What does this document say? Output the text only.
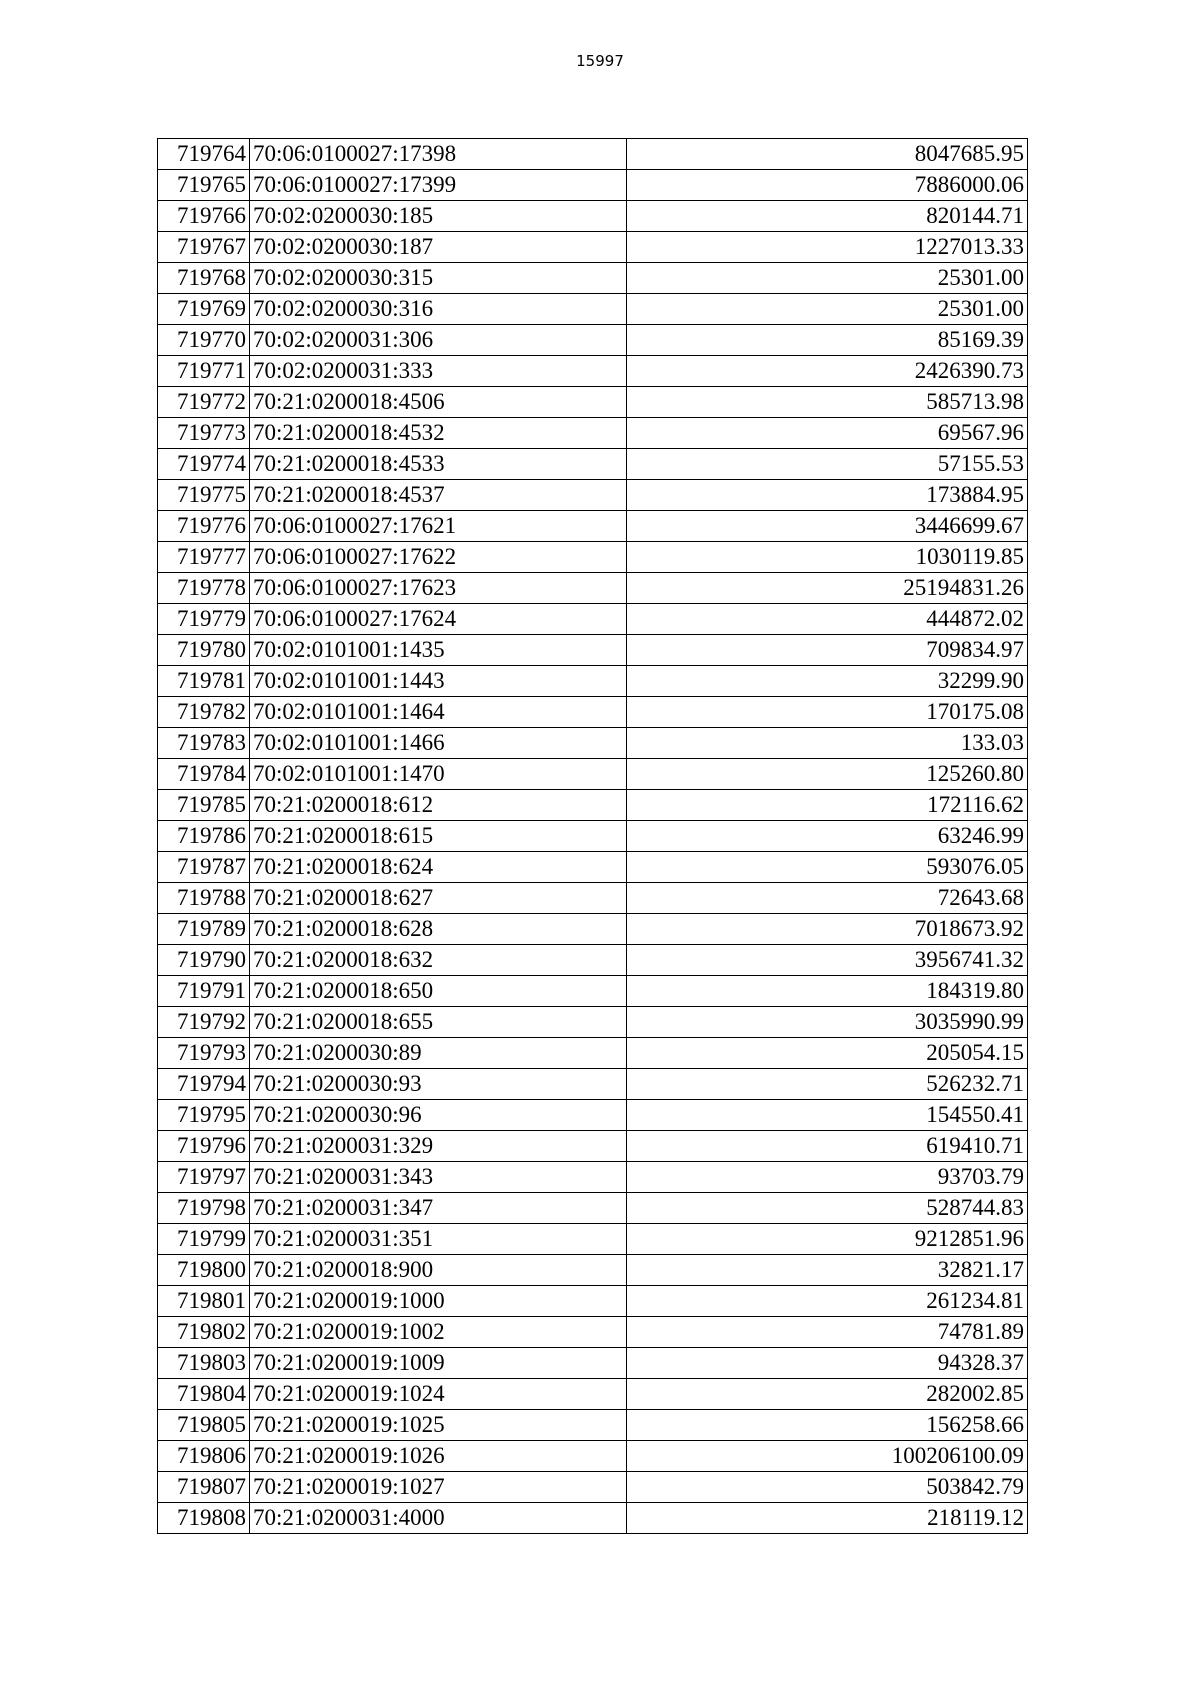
15997
719764	70:06:0100027:17398	8047685.95
719765	70:06:0100027:17399	7886000.06
719766	70:02:0200030:185	820144.71
719767	70:02:0200030:187	1227013.33
719768	70:02:0200030:315	25301.00
719769	70:02:0200030:316	25301.00
719770	70:02:0200031:306	85169.39
719771	70:02:0200031:333	2426390.73
719772	70:21:0200018:4506	585713.98
719773	70:21:0200018:4532	69567.96
719774	70:21:0200018:4533	57155.53
719775	70:21:0200018:4537	173884.95
719776	70:06:0100027:17621	3446699.67
719777	70:06:0100027:17622	1030119.85
719778	70:06:0100027:17623	25194831.26
719779	70:06:0100027:17624	444872.02
719780	70:02:0101001:1435	709834.97
719781	70:02:0101001:1443	32299.90
719782	70:02:0101001:1464	170175.08
719783	70:02:0101001:1466	133.03
719784	70:02:0101001:1470	125260.80
719785	70:21:0200018:612	172116.62
719786	70:21:0200018:615	63246.99
719787	70:21:0200018:624	593076.05
719788	70:21:0200018:627	72643.68
719789	70:21:0200018:628	7018673.92
719790	70:21:0200018:632	3956741.32
719791	70:21:0200018:650	184319.80
719792	70:21:0200018:655	3035990.99
719793	70:21:0200030:89	205054.15
719794	70:21:0200030:93	526232.71
719795	70:21:0200030:96	154550.41
719796	70:21:0200031:329	619410.71
719797	70:21:0200031:343	93703.79
719798	70:21:0200031:347	528744.83
719799	70:21:0200031:351	9212851.96
719800	70:21:0200018:900	32821.17
719801	70:21:0200019:1000	261234.81
719802	70:21:0200019:1002	74781.89
719803	70:21:0200019:1009	94328.37
719804	70:21:0200019:1024	282002.85
719805	70:21:0200019:1025	156258.66
719806	70:21:0200019:1026	100206100.09
719807	70:21:0200019:1027	503842.79
719808	70:21:0200031:4000	218119.12
